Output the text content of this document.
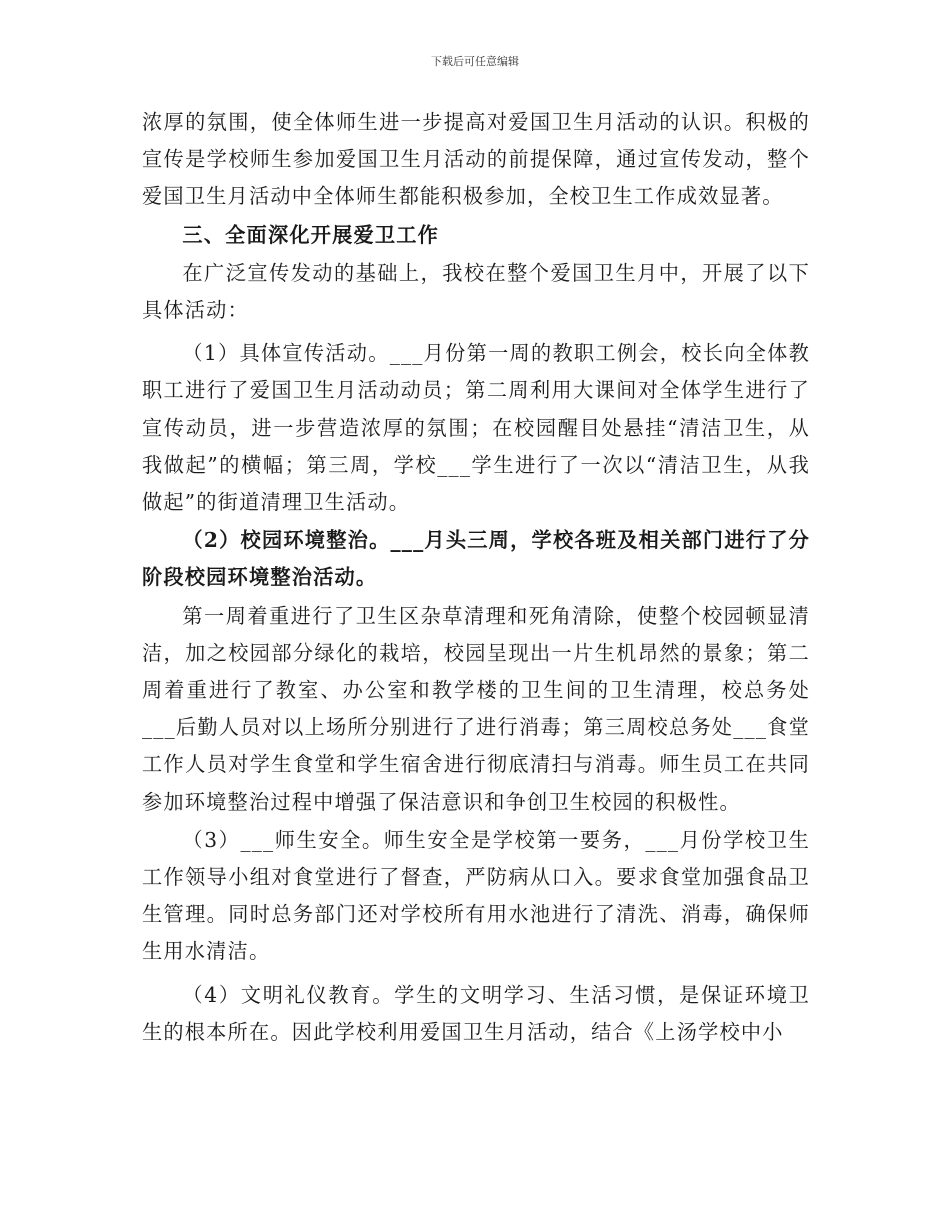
下载后可任意编辑

浓厚的氛围，使全体师生进一步提高对爱国卫生月活动的认识。积极的宣传是学校师生参加爱国卫生月活动的前提保障，通过宣传发动，整个爱国卫生月活动中全体师生都能积极参加，全校卫生工作成效显著。

三、全面深化开展爱卫工作

在广泛宣传发动的基础上，我校在整个爱国卫生月中，开展了以下具体活动：

（1）具体宣传活动。___月份第一周的教职工例会，校长向全体教职工进行了爱国卫生月活动动员；第二周利用大课间对全体学生进行了宣传动员，进一步营造浓厚的氛围；在校园醒目处悬挂“清洁卫生，从我做起”的横幅；第三周，学校___学生进行了一次以“清洁卫生，从我做起”的街道清理卫生活动。

（2）校园环境整治。___月头三周，学校各班及相关部门进行了分阶段校园环境整治活动。

第一周着重进行了卫生区杂草清理和死角清除，使整个校园顿显清洁，加之校园部分绿化的栽培，校园呈现出一片生机昂然的景象；第二周着重进行了教室、办公室和教学楼的卫生间的卫生清理，校总务处___后勤人员对以上场所分别进行了进行消毒；第三周校总务处___食堂工作人员对学生食堂和学生宿舍进行彻底清扫与消毒。师生员工在共同参加环境整治过程中增强了保洁意识和争创卫生校园的积极性。

（3）___师生安全。师生安全是学校第一要务，___月份学校卫生工作领导小组对食堂进行了督查，严防病从口入。要求食堂加强食品卫生管理。同时总务部门还对学校所有用水池进行了清洗、消毒，确保师生用水清洁。

（4）文明礼仪教育。学生的文明学习、生活习惯，是保证环境卫生的根本所在。因此学校利用爱国卫生月活动，结合《上汤学校中小
